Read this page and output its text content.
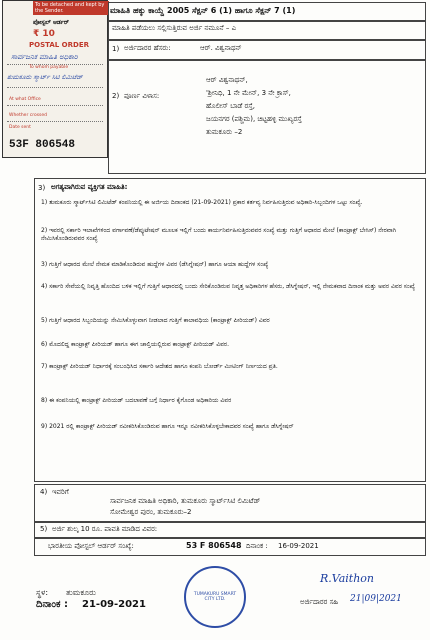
To be detached and kept by the Sender.
ಪೋಸ್ಟಲ್ ಆರ್ಡರ್
₹ 10
POSTAL ORDER
ಸಾರ್ವಜನಿಕ ಮಾಹಿತಿ ಅಧಿಕಾರಿ
To whom payable
ತುಮಕೂರು ಸ್ಮಾರ್ಟ್ ಸಿಟಿ ಲಿಮಿಟೆಡ್
At what Office
Whether crossed
Date sent
53F 806548
ಮಾಹಿತಿ ಹಕ್ಕು ಕಾಯ್ದೆ 2005 ಸೆಕ್ಷನ್ 6 (1) ಹಾಗೂ ಸೆಕ್ಷನ್ 7 (1)
ಮಾಹಿತಿ ಪಡೆಯಲು ಸಲ್ಲಿಸುತ್ತಿರುವ ಅರ್ಜಿ ನಮೂನೆ – ಎ
1) ಅರ್ಜಿದಾರರ ಹೆಸರು:	ಆರ್. ವಿಶ್ವನಾಥನ್
2) ಪೂರ್ಣ ವಿಳಾಸ:
ಆರ್ ವಿಶ್ವನಾಥನ್,
'ಶ್ರೀನಿಧಿ, 1 ನೇ ಮೇನ್, 3 ನೇ ಕ್ರಾಸ್,
ಹೊಲೀಸ್ ಬಾಡೆ ರಸ್ತೆ,
ಜಯನಗರ (ಪಶ್ಚಿಮ), ಚಿಟ್ಟಹಳ್ಳಿ ಮುಖ್ಯರಸ್ತೆ
ತುಮಕೂರು –2
3) ಅಗತ್ಯವಾಗಿರುವ ವ್ಯಕ್ತಿಗತ ಮಾಹಿತಿ:
1) ತುಮಕೂರು ಸ್ಮಾರ್ಟ್‌ಸಿಟಿ ಲಿಮಿಟೆಡ್ ಕಂಪನಿಯಲ್ಲಿ ಈ ಅರ್ಜಿಯ ದಿನಾಂಕದ (21-09-2021) ಪ್ರಕಾರ ಕರ್ತವ್ಯ ನಿರ್ವಹಿಸುತ್ತಿರುವ ಅಧಿಕಾರಿ-ಸಿಬ್ಬಂದಿಗಳ ಒಟ್ಟು ಸಂಖ್ಯೆ.
2) ಇವರಲ್ಲಿ ಸರ್ಕಾರಿ ಇಲಾಖೆಗಳಿಂದ ವರ್ಗಾವಣೆ/ಡೆಪ್ಯುಟೇಷನ್ ಮೂಲಕ ಇಲ್ಲಿಗೆ ಬಂದು ಕಾರ್ಯನಿರ್ವಹಿಸುತ್ತಿರುವವರ ಸಂಖ್ಯೆ ಮತ್ತು ಗುತ್ತಿಗೆ ಆಧಾರದ ಮೇಲೆ (ಕಾಂಟ್ರಾಕ್ಟ್ ಬೇಸಿಸ್) ನೇರವಾಗಿ ನೇಮಿಸಿಕೊಂಡಿರುವವರ ಸಂಖ್ಯೆ
3) ಗುತ್ತಿಗೆ ಆಧಾರದ ಮೇಲೆ ನೇಮಕ ಮಾಡಿಕೊಂಡಿರುವ ಹುದ್ದೆಗಳ ವಿವರ (ಡೆಸಿಗ್ನೇಷನ್) ಹಾಗೂ ಆಯಾ ಹುದ್ದೆಗಳ ಸಂಖ್ಯೆ
4) ಸರ್ಕಾರಿ ಸೇವೆಯಲ್ಲಿ ನಿವೃತ್ತಿ ಹೊಂದಿದ ಬಳಿಕ ಇಲ್ಲಿಗೆ ಗುತ್ತಿಗೆ ಆಧಾರದಲ್ಲಿ ಬಂದು ಸೇರಿಕೊಂಡಿರುವ ನಿವೃತ್ತ ಅಧಿಕಾರಿಗಳ ಹೆಸರು, ಡೆಸಿಗ್ನೇಷನ್, ಇಲ್ಲಿ ನೇಮಕವಾದ ದಿನಾಂಕ ಮತ್ತು ಅವರ ವಿವರ ಸಂಖ್ಯೆ
5) ಗುತ್ತಿಗೆ ಆಧಾರದ ಸಿಬ್ಬಂದಿಯನ್ನು ನೇಮಿಸಿಕೊಳ್ಳುವಾಗ ನೀಡಲಾದ ಗುತ್ತಿಗೆ ಕಾಲಾವಧಿಯ (ಕಾಂಟ್ರಾಕ್ಟ್ ಪೀರಿಯಡ್) ವಿವರ
6) ಮೊದಲಿದ್ದ ಕಾಂಟ್ರಾಕ್ಟ್ ಪೀರಿಯಡ್ ಹಾಗೂ ಈಗ ಚಾಲ್ತಿಯಲ್ಲಿರುವ ಕಾಂಟ್ರಾಕ್ಟ್ ಪೀರಿಯಡ್ ವಿವರ.
7) ಕಾಂಟ್ರಾಕ್ಟ್ ಪೀರಿಯಡ್ ನಿರ್ಧಾರಕ್ಕೆ ಸಂಬಂಧಿಸಿದ ಸರ್ಕಾರಿ ಆದೇಶದ ಹಾಗೂ ಕಂಪನಿ ಬೋರ್ಡ್ ಮೀಟಿಂಗ್ ನಿರ್ಣಯದ ಪ್ರತಿ.
8) ಈ ಕಂಪನಿಯಲ್ಲಿ ಕಾಂಟ್ರಾಕ್ಟ್ ಪೀರಿಯಡ್ ಬದಲಾವಣೆ ಬಗ್ಗೆ ನಿರ್ಧಾರ ಕೈಗೊಂಡ ಅಧಿಕಾರಿಯ ವಿವರ
9) 2021 ರಲ್ಲಿ ಕಾಂಟ್ರಾಕ್ಟ್ ಪೀರಿಯಡ್ ನವೀಕರಿಸಿಕೊಂಡಿರುವ ಹಾಗೂ ಇನ್ನೂ ನವೀಕರಿಸಿಕೊಳ್ಳಬೇಕಾದವರ ಸಂಖ್ಯೆ ಹಾಗೂ ಡೆಸಿಗ್ನೇಷನ್
4) ಇವರಿಗೆ
ಸಾರ್ವಜನಿಕ ಮಾಹಿತಿ ಅಧಿಕಾರಿ, ತುಮಕೂರು ಸ್ಮಾರ್ಟ್‌ಸಿಟಿ ಲಿಮಿಟೆಡ್
ಸೋಮೇಶ್ವರ ಪುರಂ, ತುಮಕೂರು–2
5) ಅರ್ಜಿ ಶುಲ್ಕ 10 ರೂ. ಪಾವತಿ ಮಾಡಿದ ವಿವರ:
ಭಾರತೀಯ ಪೋಸ್ಟಲ್ ಆರ್ಡರ್ ಸಂಖ್ಯೆ:	53 F 806548 ದಿನಾಂಕ : 16-09-2021
ಸ್ಥಳ: ತುಮಕೂರು
ದಿನಾಂಕ : 21-09-2021
TUMAKURU SMART CITY LTD.
R.Vaithon
ಅರ್ಜಿದಾರರ ಸಹಿ 21|09|2021
